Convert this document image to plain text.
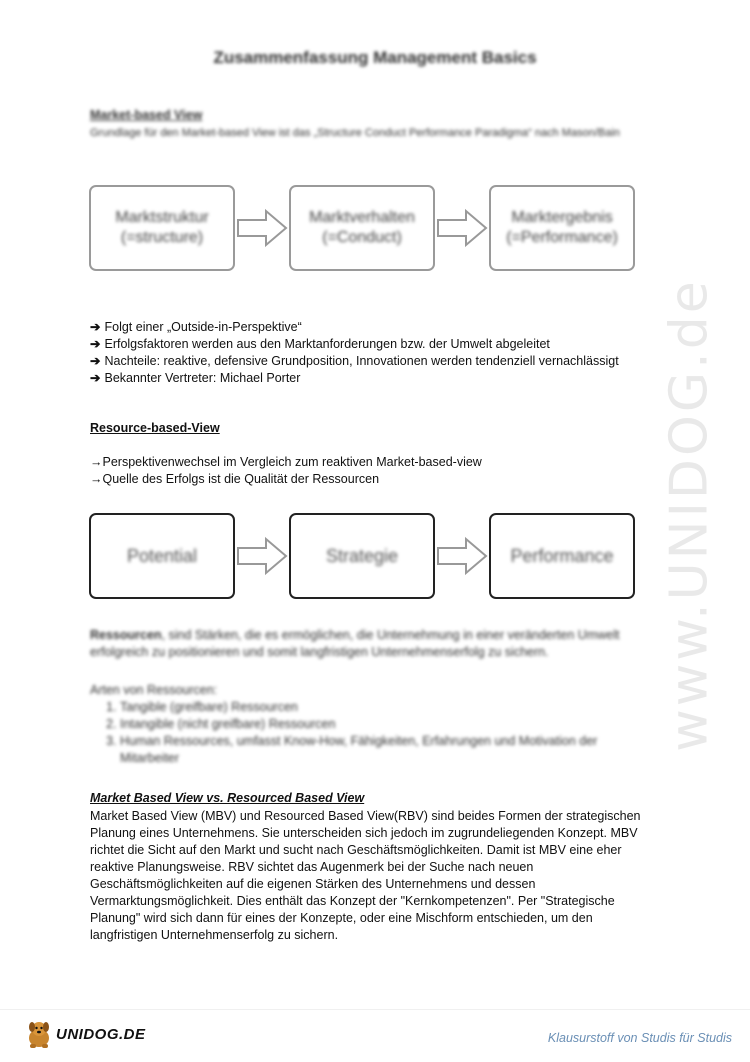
www.UNIDOG.de
Zusammenfassung Management Basics
Market-based View
Grundlage für den Market-based View ist das „Structure Conduct Performance Paradigma“ nach Mason/Bain
Marktstruktur
(=structure)
Marktverhalten
(=Conduct)
Marktergebnis
(=Performance)
➔ Folgt einer „Outside-in-Perspektive“
➔ Erfolgsfaktoren werden aus den Marktanforderungen bzw. der Umwelt abgeleitet
➔ Nachteile: reaktive, defensive Grundposition, Innovationen werden tendenziell vernachlässigt
➔ Bekannter Vertreter: Michael Porter
Resource-based-View
→Perspektivenwechsel im Vergleich zum reaktiven Market-based-view
→Quelle des Erfolgs ist die Qualität der Ressourcen
Potential	Strategie	Performance
Ressourcen, sind Stärken, die es ermöglichen, die Unternehmung in einer veränderten Umwelt erfolgreich zu positionieren und somit langfristigen Unternehmenserfolg zu sichern.
Arten von Ressourcen:
1. Tangible (greifbare) Ressourcen
2. Intangible (nicht greifbare) Ressourcen
3. Human Ressources, umfasst Know-How, Fähigkeiten, Erfahrungen und Motivation der Mitarbeiter
Market Based View vs. Resourced Based View
Market Based View (MBV) und Resourced Based View(RBV) sind beides Formen der strategischen Planung eines Unternehmens. Sie unterscheiden sich jedoch im zugrundeliegenden Konzept. MBV richtet die Sicht auf den Markt und sucht nach Geschäftsmöglichkeiten. Damit ist MBV eine eher reaktive Planungsweise. RBV sichtet das Augenmerk bei der Suche nach neuen Geschäftsmöglichkeiten auf die eigenen Stärken des Unternehmens und dessen Vermarktungsmöglichkeit. Dies enthält das Konzept der "Kernkompetenzen". Per "Strategische Planung" wird sich dann für eines der Konzepte, oder eine Mischform entschieden, um den langfristigen Unternehmenserfolg zu sichern.
UNIDOG.DE	Klausurstoff von Studis für Studis
